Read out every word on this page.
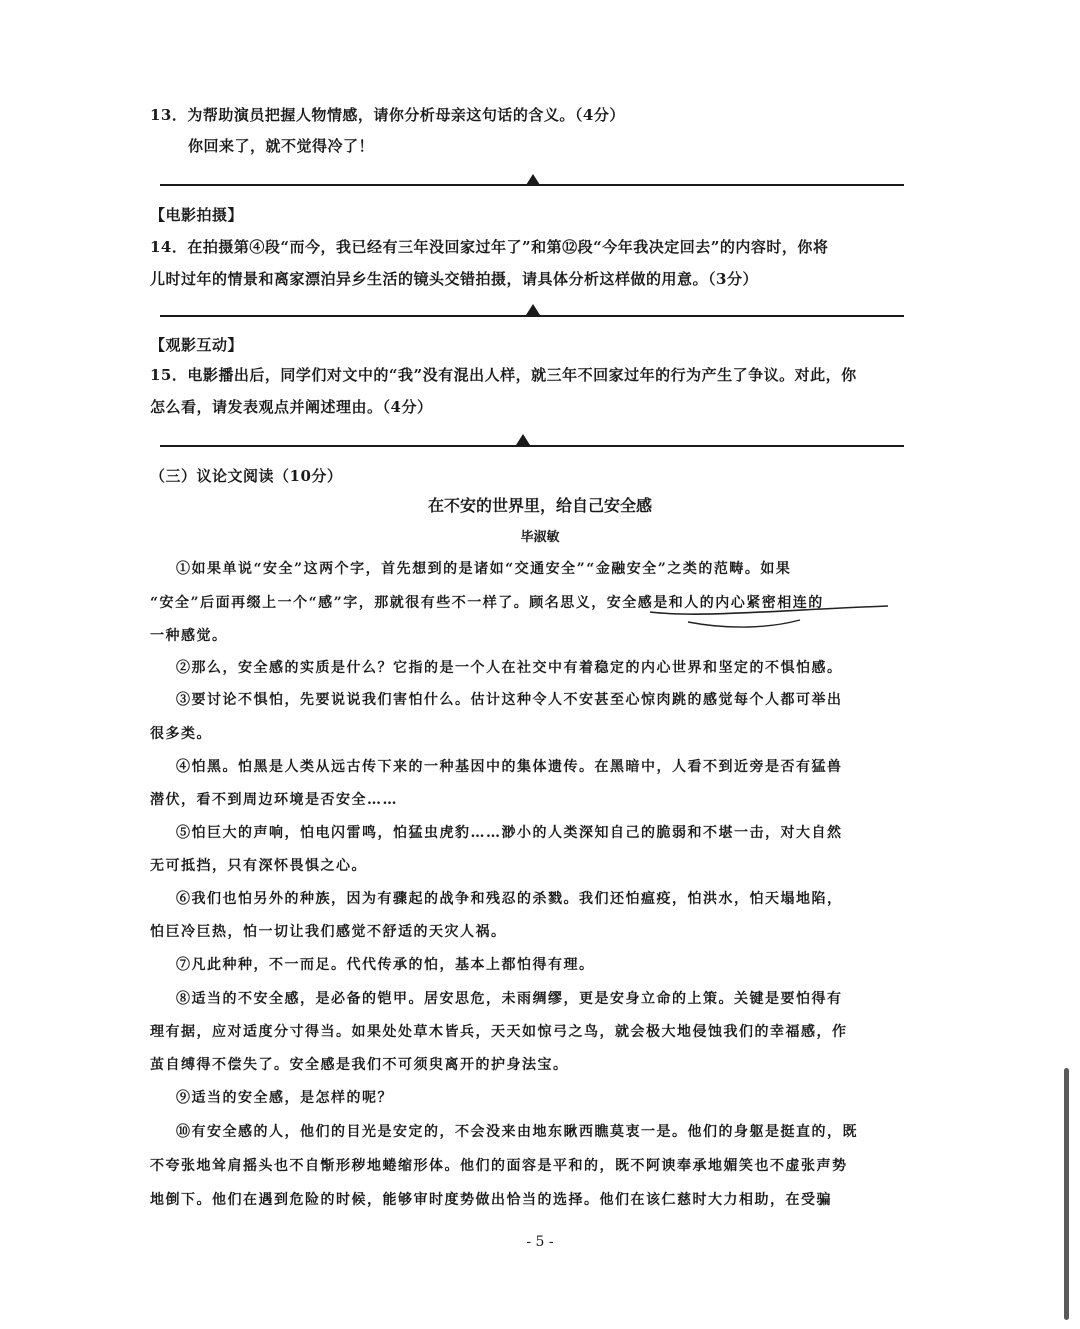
13．为帮助演员把握人物情感，请你分析母亲这句话的含义。（4分）
你回来了，就不觉得冷了！
【电影拍摄】
14．在拍摄第④段“而今，我已经有三年没回家过年了”和第⑫段“今年我决定回去”的内容时，你将
儿时过年的情景和离家漂泊异乡生活的镜头交错拍摄，请具体分析这样做的用意。（3分）
【观影互动】
15．电影播出后，同学们对文中的“我”没有混出人样，就三年不回家过年的行为产生了争议。对此，你
怎么看，请发表观点并阐述理由。（4分）
（三）议论文阅读（10分）
在不安的世界里，给自己安全感
毕淑敏
①如果单说“安全”这两个字，首先想到的是诸如“交通安全”“金融安全”之类的范畴。如果
“安全”后面再缀上一个“感”字，那就很有些不一样了。顾名思义，安全感是和人的内心紧密相连的
一种感觉。
②那么，安全感的实质是什么？它指的是一个人在社交中有着稳定的内心世界和坚定的不惧怕感。
③要讨论不惧怕，先要说说我们害怕什么。估计这种令人不安甚至心惊肉跳的感觉每个人都可举出
很多类。
④怕黑。怕黑是人类从远古传下来的一种基因中的集体遗传。在黑暗中，人看不到近旁是否有猛兽
潜伏，看不到周边环境是否安全……
⑤怕巨大的声响，怕电闪雷鸣，怕猛虫虎豹……渺小的人类深知自己的脆弱和不堪一击，对大自然
无可抵挡，只有深怀畏惧之心。
⑥我们也怕另外的种族，因为有骤起的战争和残忍的杀戮。我们还怕瘟疫，怕洪水，怕天塌地陷，
怕巨冷巨热，怕一切让我们感觉不舒适的天灾人祸。
⑦凡此种种，不一而足。代代传承的怕，基本上都怕得有理。
⑧适当的不安全感，是必备的铠甲。居安思危，未雨绸缪，更是安身立命的上策。关键是要怕得有
理有据，应对适度分寸得当。如果处处草木皆兵，天天如惊弓之鸟，就会极大地侵蚀我们的幸福感，作
茧自缚得不偿失了。安全感是我们不可须臾离开的护身法宝。
⑨适当的安全感，是怎样的呢？
⑩有安全感的人，他们的目光是安定的，不会没来由地东瞅西瞧莫衷一是。他们的身躯是挺直的，既
不夸张地耸肩摇头也不自惭形秽地蜷缩形体。他们的面容是平和的，既不阿谀奉承地媚笑也不虚张声势
地倒下。他们在遇到危险的时候，能够审时度势做出恰当的选择。他们在该仁慈时大力相助，在受骗
- 5 -
